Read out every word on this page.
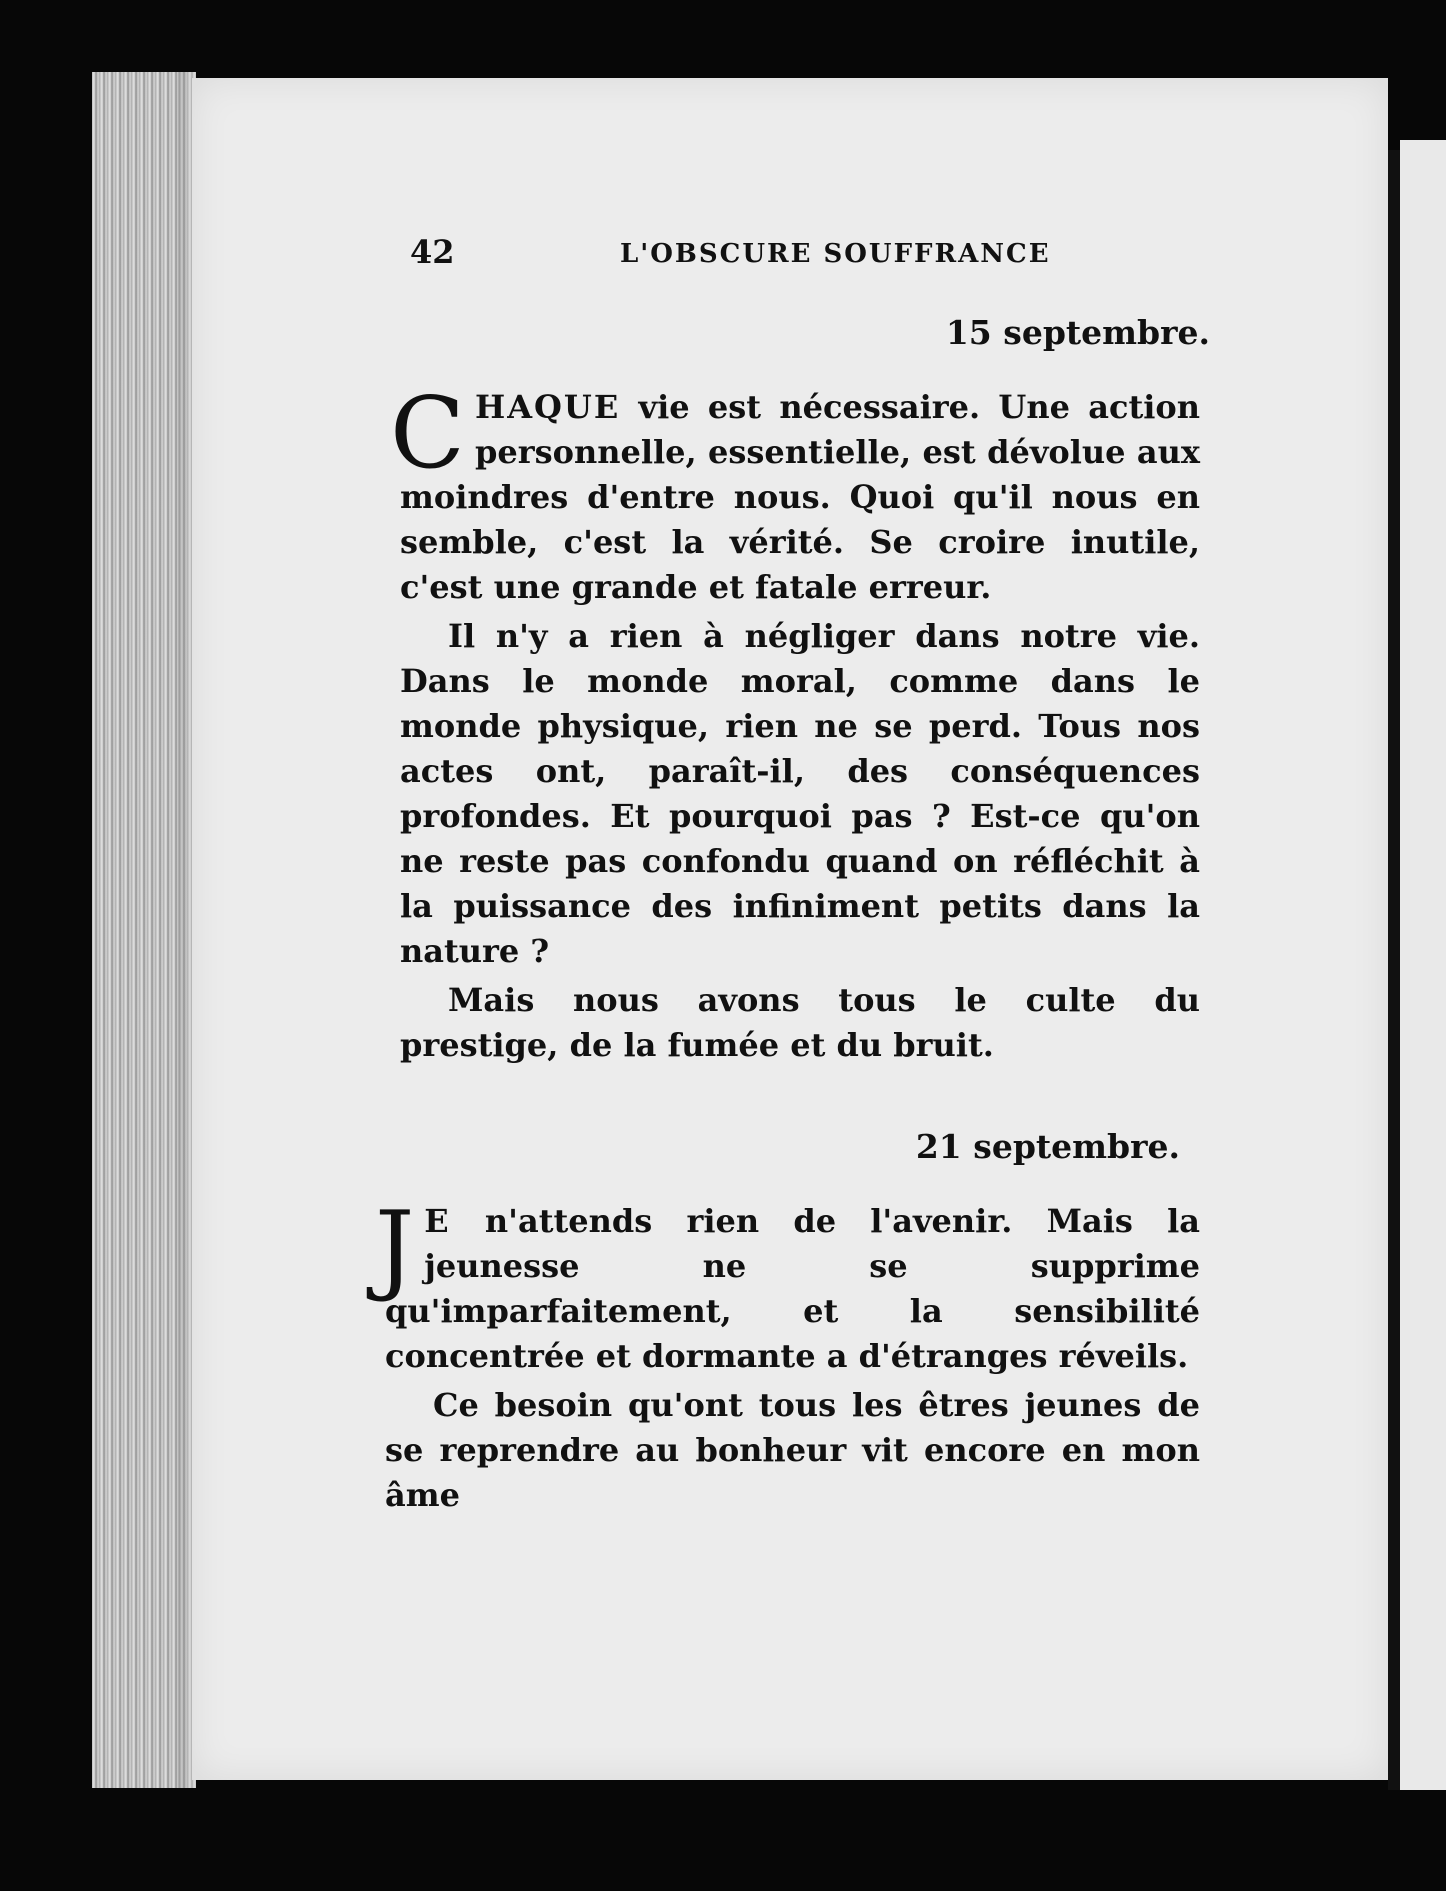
42	L'OBSCURE SOUFFRANCE
15 septembre.

CHAQUE vie est nécessaire. Une action personnelle, essentielle, est dévolue aux moindres d'entre nous. Quoi qu'il nous en semble, c'est la vérité. Se croire inutile, c'est une grande et fatale erreur.

Il n'y a rien à négliger dans notre vie. Dans le monde moral, comme dans le monde physique, rien ne se perd. Tous nos actes ont, paraît-il, des conséquences profondes. Et pourquoi pas ? Est-ce qu'on ne reste pas confondu quand on réfléchit à la puissance des infiniment petits dans la nature ?

Mais nous avons tous le culte du prestige, de la fumée et du bruit.

21 septembre.

J E n'attends rien de l'avenir. Mais la jeunesse ne se supprime qu'imparfaitement, et la sensibilité concentrée et dormante a d'étranges réveils.

Ce besoin qu'ont tous les êtres jeunes de se reprendre au bonheur vit encore en mon âme
